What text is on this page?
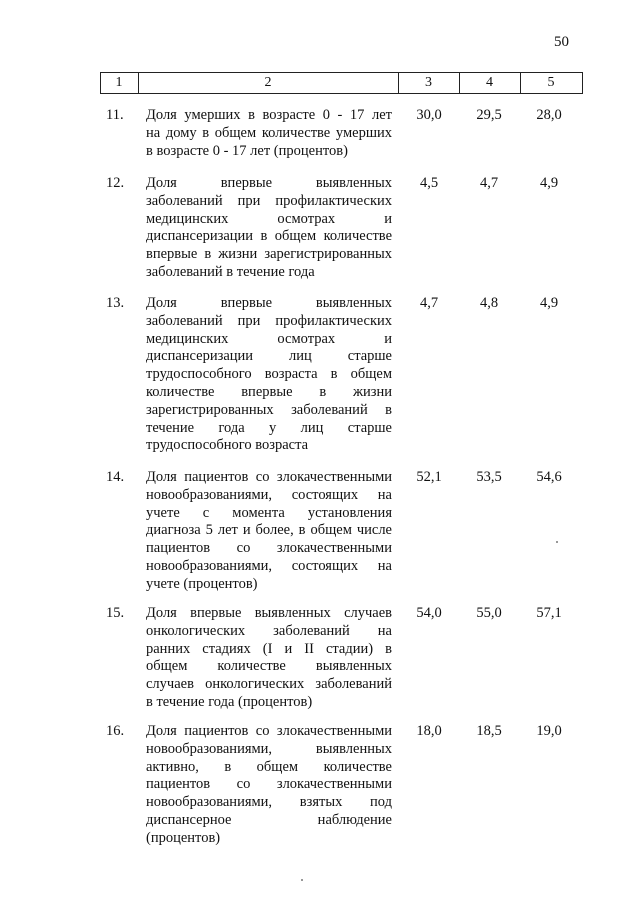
50
1	2	3	4	5
11.	Доля умерших в возрасте 0 - 17 лет
на дому в общем количестве умерших
в возрасте 0 - 17 лет (процентов)
30,0	29,5	28,0
12.	Доля впервые выявленных
заболеваний при профилактических
медицинских осмотрах и
диспансеризации в общем количестве
впервые в жизни зарегистрированных
заболеваний в течение года
4,5	4,7	4,9
13.	Доля впервые выявленных
заболеваний при профилактических
медицинских осмотрах и
диспансеризации лиц старше
трудоспособного возраста в общем
количестве впервые в жизни
зарегистрированных заболеваний в
течение года у лиц старше
трудоспособного возраста
4,7	4,8	4,9
14.	Доля пациентов со злокачественными
новообразованиями, состоящих на
учете с момента установления
диагноза 5 лет и более, в общем числе
пациентов со злокачественными
новообразованиями, состоящих на
учете (процентов)
52,1	53,5	54,6
15.	Доля впервые выявленных случаев
онкологических заболеваний на
ранних стадиях (I и II стадии) в
общем количестве выявленных
случаев онкологических заболеваний
в течение года (процентов)
54,0	55,0	57,1
16.	Доля пациентов со злокачественными
новообразованиями, выявленных
активно, в общем количестве
пациентов со злокачественными
новообразованиями, взятых под
диспансерное наблюдение
(процентов)
18,0	18,5	19,0
